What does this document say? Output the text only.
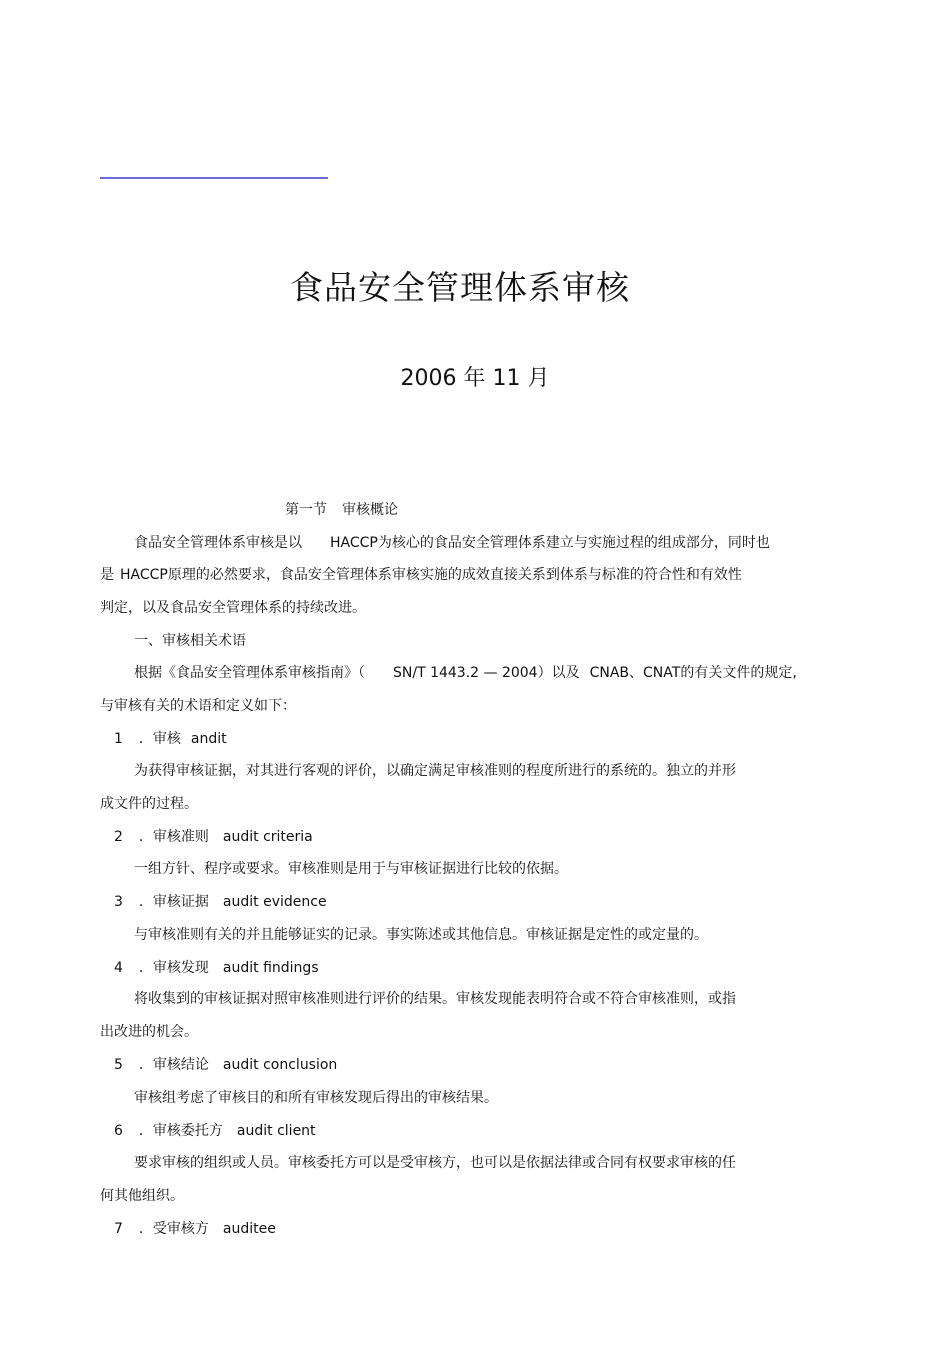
食品安全管理体系审核
2006 年 11 月
第一节 审核概论
食品安全管理体系审核是以 HACCP为核心的食品安全管理体系建立与实施过程的组成部分，同时也
是 HACCP原理的必然要求，食品安全管理体系审核实施的成效直接关系到体系与标准的符合性和有效性
判定，以及食品安全管理体系的持续改进。
一、审核相关术语
根据《食品安全管理体系审核指南》（ SN/T 1443.2 — 2004）以及 CNAB、CNAT的有关文件的规定,
与审核有关的术语和定义如下：
1 ．审核 andit
为获得审核证据，对其进行客观的评价，以确定满足审核准则的程度所进行的系统的。独立的并形
成文件的过程。
2 ．审核准则 audit criteria
一组方针、程序或要求。审核准则是用于与审核证据进行比较的依据。
3 ．审核证据 audit evidence
与审核准则有关的并且能够证实的记录。事实陈述或其他信息。审核证据是定性的或定量的。
4 ．审核发现 audit findings
将收集到的审核证据对照审核准则进行评价的结果。审核发现能表明符合或不符合审核准则，或指
出改进的机会。
5 ．审核结论 audit conclusion
审核组考虑了审核目的和所有审核发现后得出的审核结果。
6 ．审核委托方 audit client
要求审核的组织或人员。审核委托方可以是受审核方，也可以是依据法律或合同有权要求审核的任
何其他组织。
7 ．受审核方 auditee
